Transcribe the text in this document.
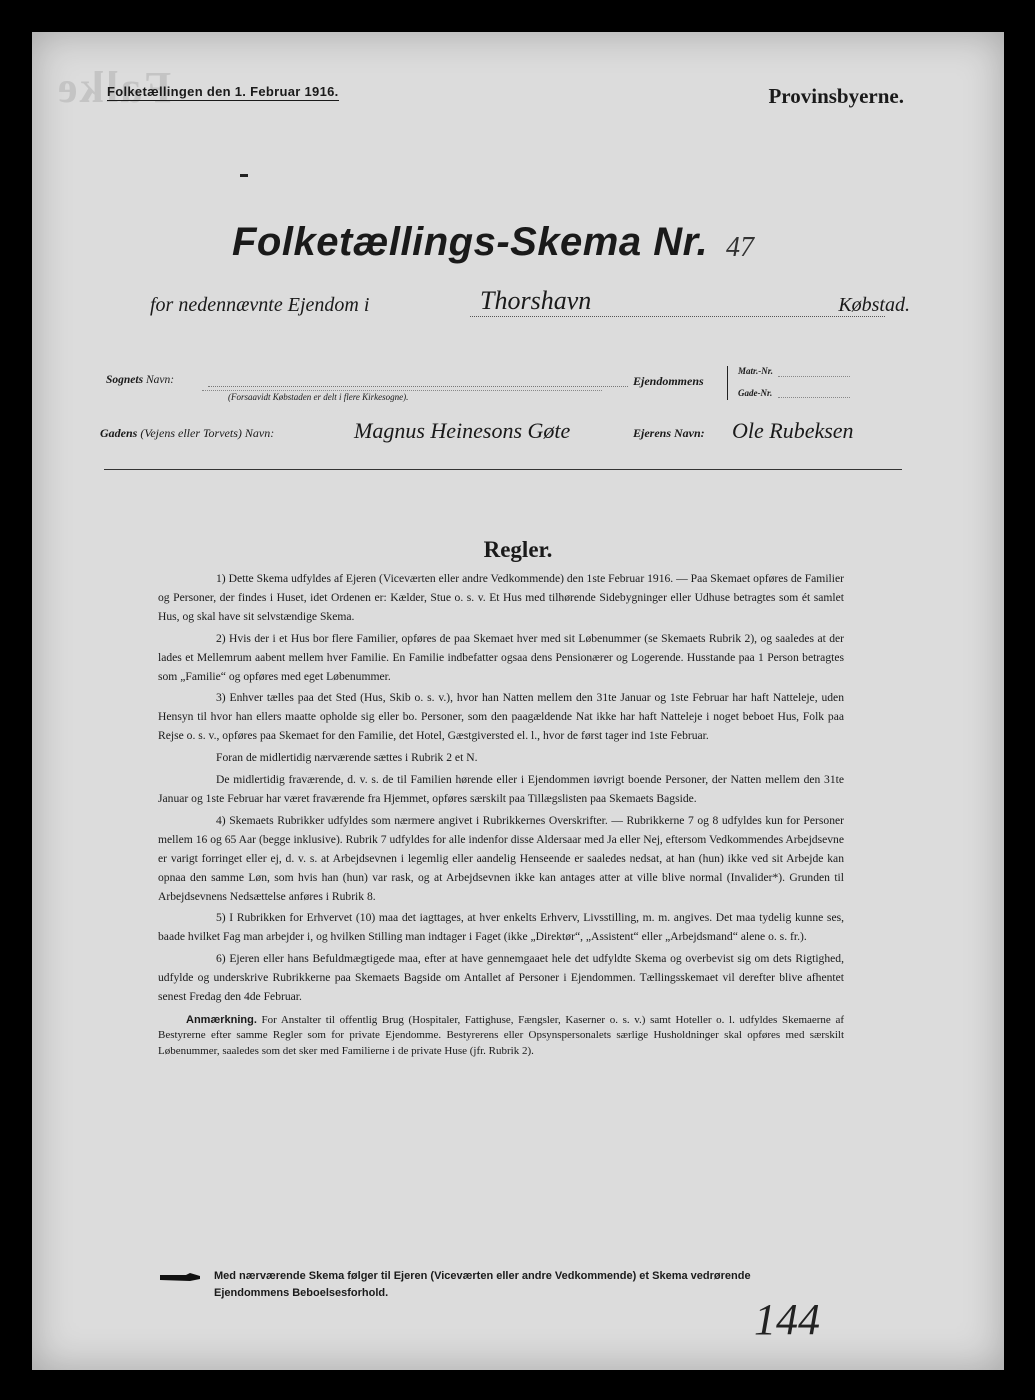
Falke
Folketællingen den 1. Februar 1916.	Provinsbyerne.
Folketællings-Skema Nr. 47
for nedennævnte Ejendom i	Thorshavn	Købstad.
Sognets Navn:
(Forsaavidt Købstaden er delt i flere Kirkesogne).
Ejendommens
Matr.-Nr.
Gade-Nr.
Gadens (Vejens eller Torvets) Navn:	Magnus Heinesons Gøte	Ejerens Navn: Ole Rubeksen
Regler.

1) Dette Skema udfyldes af Ejeren (Viceværten eller andre Vedkommende) den 1ste Februar 1916. — Paa Skemaet opføres de Familier og Personer, der findes i Huset, idet Ordenen er: Kælder, Stue o. s. v. Et Hus med tilhørende Sidebygninger eller Udhuse betragtes som ét samlet Hus, og skal have sit selvstændige Skema.

2) Hvis der i et Hus bor flere Familier, opføres de paa Skemaet hver med sit Løbenummer (se Skemaets Rubrik 2), og saaledes at der lades et Mellemrum aabent mellem hver Familie. En Familie indbefatter ogsaa dens Pensionærer og Logerende. Husstande paa 1 Person betragtes som „Familie“ og opføres med eget Løbenummer.

3) Enhver tælles paa det Sted (Hus, Skib o. s. v.), hvor han Natten mellem den 31te Januar og 1ste Februar har haft Natteleje, uden Hensyn til hvor han ellers maatte opholde sig eller bo. Personer, som den paagældende Nat ikke har haft Natteleje i noget beboet Hus, Folk paa Rejse o. s. v., opføres paa Skemaet for den Familie, det Hotel, Gæstgiversted el. l., hvor de først tager ind 1ste Februar.

Foran de midlertidig nærværende sættes i Rubrik 2 et N.

De midlertidig fraværende, d. v. s. de til Familien hørende eller i Ejendommen iøvrigt boende Personer, der Natten mellem den 31te Januar og 1ste Februar har været fraværende fra Hjemmet, opføres særskilt paa Tillægslisten paa Skemaets Bagside.

4) Skemaets Rubrikker udfyldes som nærmere angivet i Rubrikkernes Overskrifter. — Rubrikkerne 7 og 8 udfyldes kun for Personer mellem 16 og 65 Aar (begge inklusive). Rubrik 7 udfyldes for alle indenfor disse Aldersaar med Ja eller Nej, eftersom Vedkommendes Arbejdsevne er varigt forringet eller ej, d. v. s. at Arbejdsevnen i legemlig eller aandelig Henseende er saaledes nedsat, at han (hun) ikke ved sit Arbejde kan opnaa den samme Løn, som hvis han (hun) var rask, og at Arbejdsevnen ikke kan antages atter at ville blive normal (Invalider*). Grunden til Arbejdsevnens Nedsættelse anføres i Rubrik 8.

5) I Rubrikken for Erhvervet (10) maa det iagttages, at hver enkelts Erhverv, Livsstilling, m. m. angives. Det maa tydelig kunne ses, baade hvilket Fag man arbejder i, og hvilken Stilling man indtager i Faget (ikke „Direktør“, „Assistent“ eller „Arbejdsmand“ alene o. s. fr.).

6) Ejeren eller hans Befuldmægtigede maa, efter at have gennemgaaet hele det udfyldte Skema og overbevist sig om dets Rigtighed, udfylde og underskrive Rubrikkerne paa Skemaets Bagside om Antallet af Personer i Ejendommen. Tællingsskemaet vil derefter blive afhentet senest Fredag den 4de Februar.

Anmærkning. For Anstalter til offentlig Brug (Hospitaler, Fattighuse, Fængsler, Kaserner o. s. v.) samt Hoteller o. l. udfyldes Skemaerne af Bestyrerne efter samme Regler som for private Ejendomme. Bestyrerens eller Opsynspersonalets særlige Husholdninger skal opføres med særskilt Løbenummer, saaledes som det sker med Familierne i de private Huse (jfr. Rubrik 2).

Med nærværende Skema følger til Ejeren (Viceværten eller andre Vedkommende) et Skema vedrørende
Ejendommens Beboelsesforhold.
144
